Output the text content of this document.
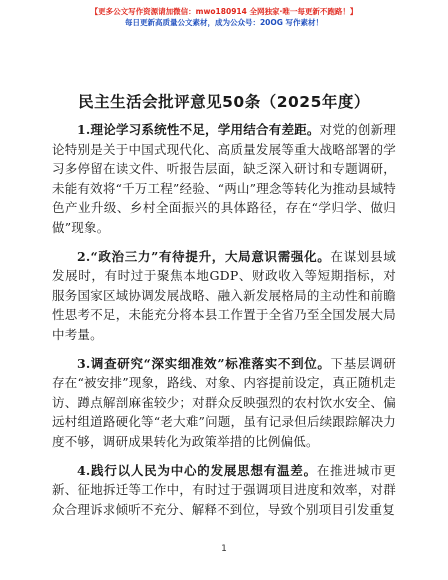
【更多公文写作资源请加微信：mwo180914 全网独家·唯一每更新不跑路！】
每日更新高质量公文素材，成为公众号：20OG 写作素材！
民主生活会批评意见50条（2025年度）

1.理论学习系统性不足，学用结合有差距。对党的创新理论特别是关于中国式现代化、高质量发展等重大战略部署的学习多停留在读文件、听报告层面，缺乏深入研讨和专题调研，未能有效将“千万工程”经验、“两山”理念等转化为推动县域特色产业升级、乡村全面振兴的具体路径，存在“学归学、做归做”现象。

2.“政治三力”有待提升，大局意识需强化。在谋划县域发展时，有时过于聚焦本地GDP、财政收入等短期指标，对服务国家区域协调发展战略、融入新发展格局的主动性和前瞻性思考不足，未能充分将本县工作置于全省乃至全国发展大局中考量。

3.调查研究“深实细准效”标准落实不到位。下基层调研存在“被安排”现象，路线、对象、内容提前设定，真正随机走访、蹲点解剖麻雀较少；对群众反映强烈的农村饮水安全、偏远村组道路硬化等“老大难”问题，虽有记录但后续跟踪解决力度不够，调研成果转化为政策举措的比例偏低。

4.践行以人民为中心的发展思想有温差。在推进城市更新、征地拆迁等工作中，有时过于强调项目进度和效率，对群众合理诉求倾听不充分、解释不到位，导致个别项目引发重复

1
